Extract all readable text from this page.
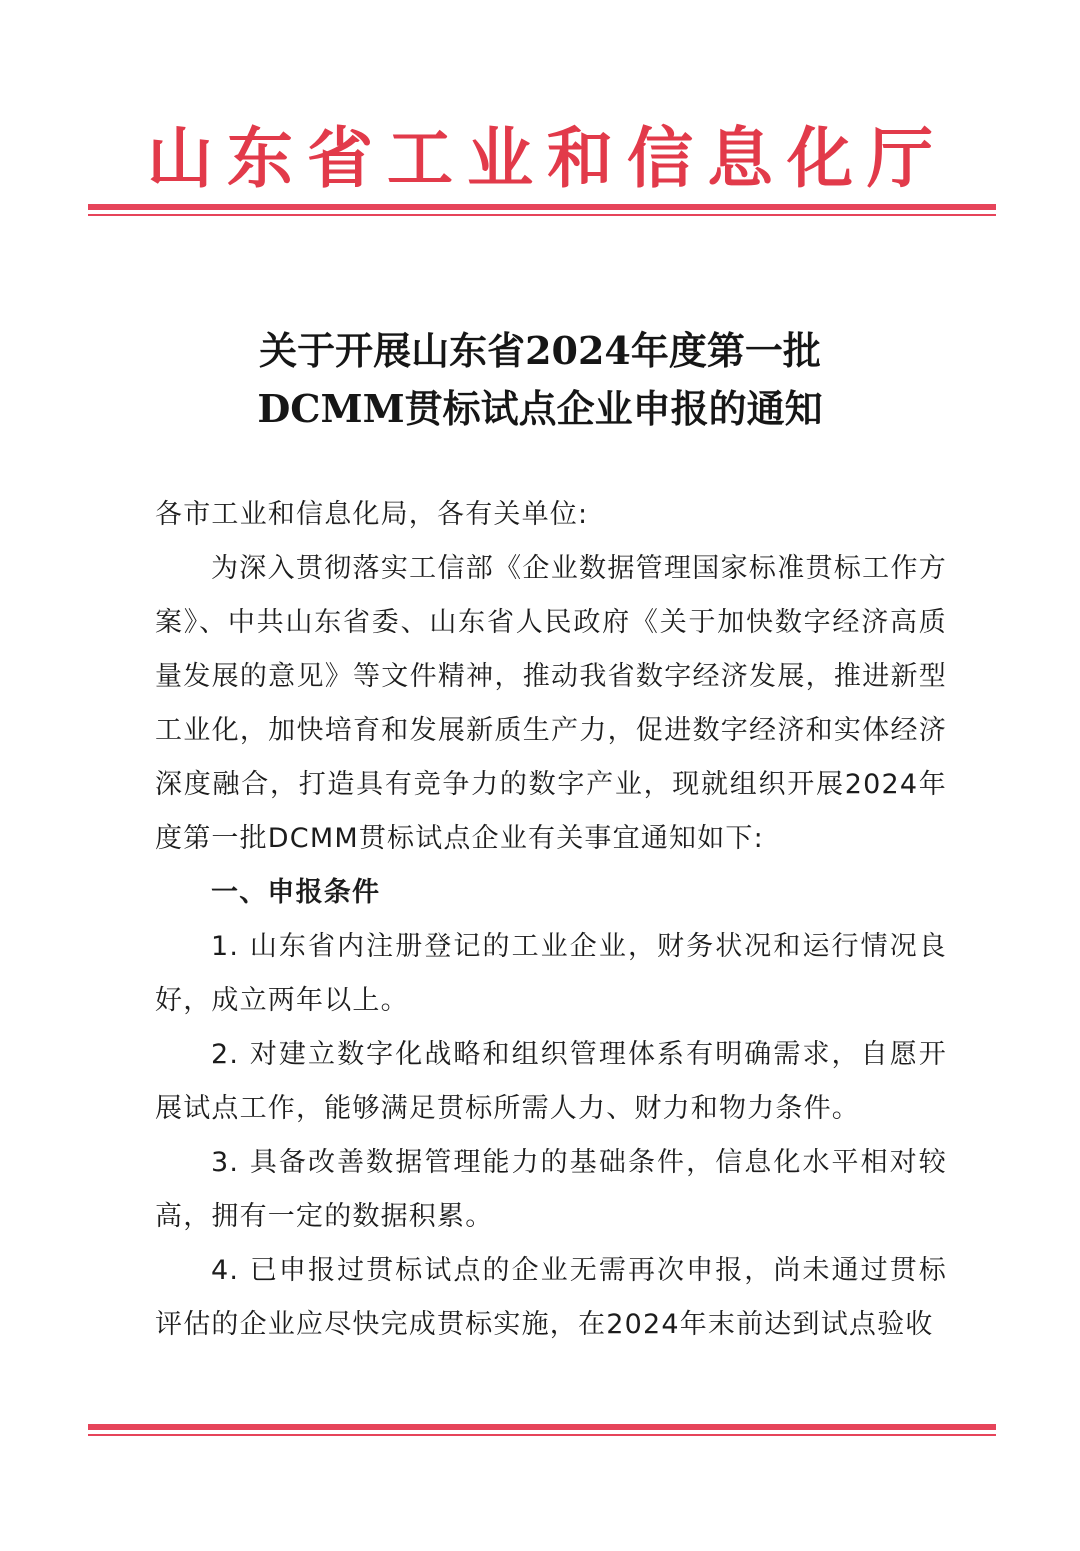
山东省工业和信息化厅
关于开展山东省2024年度第一批
DCMM贯标试点企业申报的通知

各市工业和信息化局，各有关单位:

为深入贯彻落实工信部《企业数据管理国家标准贯标工作方案》、中共山东省委、山东省人民政府《关于加快数字经济高质量发展的意见》等文件精神，推动我省数字经济发展，推进新型工业化，加快培育和发展新质生产力，促进数字经济和实体经济深度融合，打造具有竞争力的数字产业，现就组织开展2024年度第一批DCMM贯标试点企业有关事宜通知如下:

一、申报条件

1. 山东省内注册登记的工业企业，财务状况和运行情况良好，成立两年以上。

2. 对建立数字化战略和组织管理体系有明确需求，自愿开展试点工作，能够满足贯标所需人力、财力和物力条件。

3. 具备改善数据管理能力的基础条件，信息化水平相对较高，拥有一定的数据积累。

4. 已申报过贯标试点的企业无需再次申报，尚未通过贯标评估的企业应尽快完成贯标实施，在2024年末前达到试点验收
